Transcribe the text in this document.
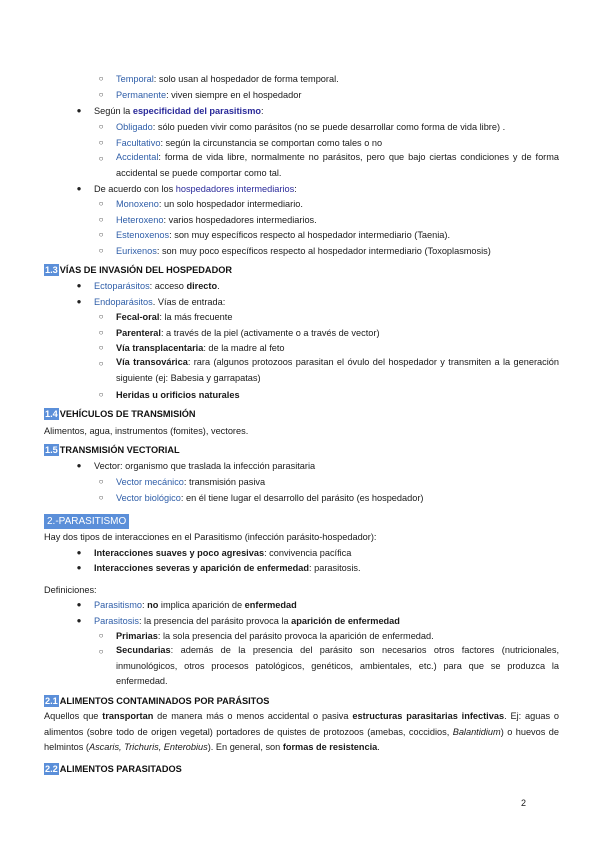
○ Temporal: solo usan al hospedador de forma temporal.
○ Permanente: viven siempre en el hospedador
● Según la especificidad del parasitismo:
○ Obligado: sólo pueden vivir como parásitos (no se puede desarrollar como forma de vida libre) .
○ Facultativo: según la circunstancia se comportan como tales o no
○ Accidental: forma de vida libre, normalmente no parásitos, pero que bajo ciertas condiciones y de forma accidental se puede comportar como tal.
● De acuerdo con los hospedadores intermediarios:
○ Monoxeno: un solo hospedador intermediario.
○ Heteroxeno: varios hospedadores intermediarios.
○ Estenoxenos: son muy específicos respecto al hospedador intermediario (Taenia).
○ Eurixenos: son muy poco específicos respecto al hospedador intermediario (Toxoplasmosis)
1.3 VÍAS DE INVASIÓN DEL HOSPEDADOR
● Ectoparásitos: acceso directo.
● Endoparásitos. Vías de entrada:
○ Fecal-oral: la más frecuente
○ Parenteral: a través de la piel (activamente o a través de vector)
○ Vía transplacentaria: de la madre al feto
○ Vía transovárica: rara (algunos protozoos parasitan el óvulo del hospedador y transmiten a la generación siguiente (ej: Babesia y garrapatas)
○ Heridas u orificios naturales
1.4 VEHÍCULOS DE TRANSMISIÓN
Alimentos, agua, instrumentos (fomites), vectores.
1.5 TRANSMISIÓN VECTORIAL
● Vector: organismo que traslada la infección parasitaria
○ Vector mecánico: transmisión pasiva
○ Vector biológico: en él tiene lugar el desarrollo del parásito (es hospedador)
2.-PARASITISMO
Hay dos tipos de interacciones en el Parasitismo (infección parásito-hospedador):
● Interacciones suaves y poco agresivas: convivencia pacífica
● Interacciones severas y aparición de enfermedad: parasitosis.
Definiciones:
● Parasitismo: no implica aparición de enfermedad
● Parasitosis: la presencia del parásito provoca la aparición de enfermedad
○ Primarias: la sola presencia del parásito provoca la aparición de enfermedad.
○ Secundarias: además de la presencia del parásito son necesarios otros factores (nutricionales, inmunológicos, otros procesos patológicos, genéticos, ambientales, etc.) para que se produzca la enfermedad.
2.1 ALIMENTOS CONTAMINADOS POR PARÁSITOS
Aquellos que transportan de manera más o menos accidental o pasiva estructuras parasitarias infectivas. Ej: aguas o alimentos (sobre todo de origen vegetal) portadores de quistes de protozoos (amebas, coccidios, Balantidium) o huevos de helmintos (Ascaris, Trichuris, Enterobius). En general, son formas de resistencia.
2.2 ALIMENTOS PARASITADOS
2
